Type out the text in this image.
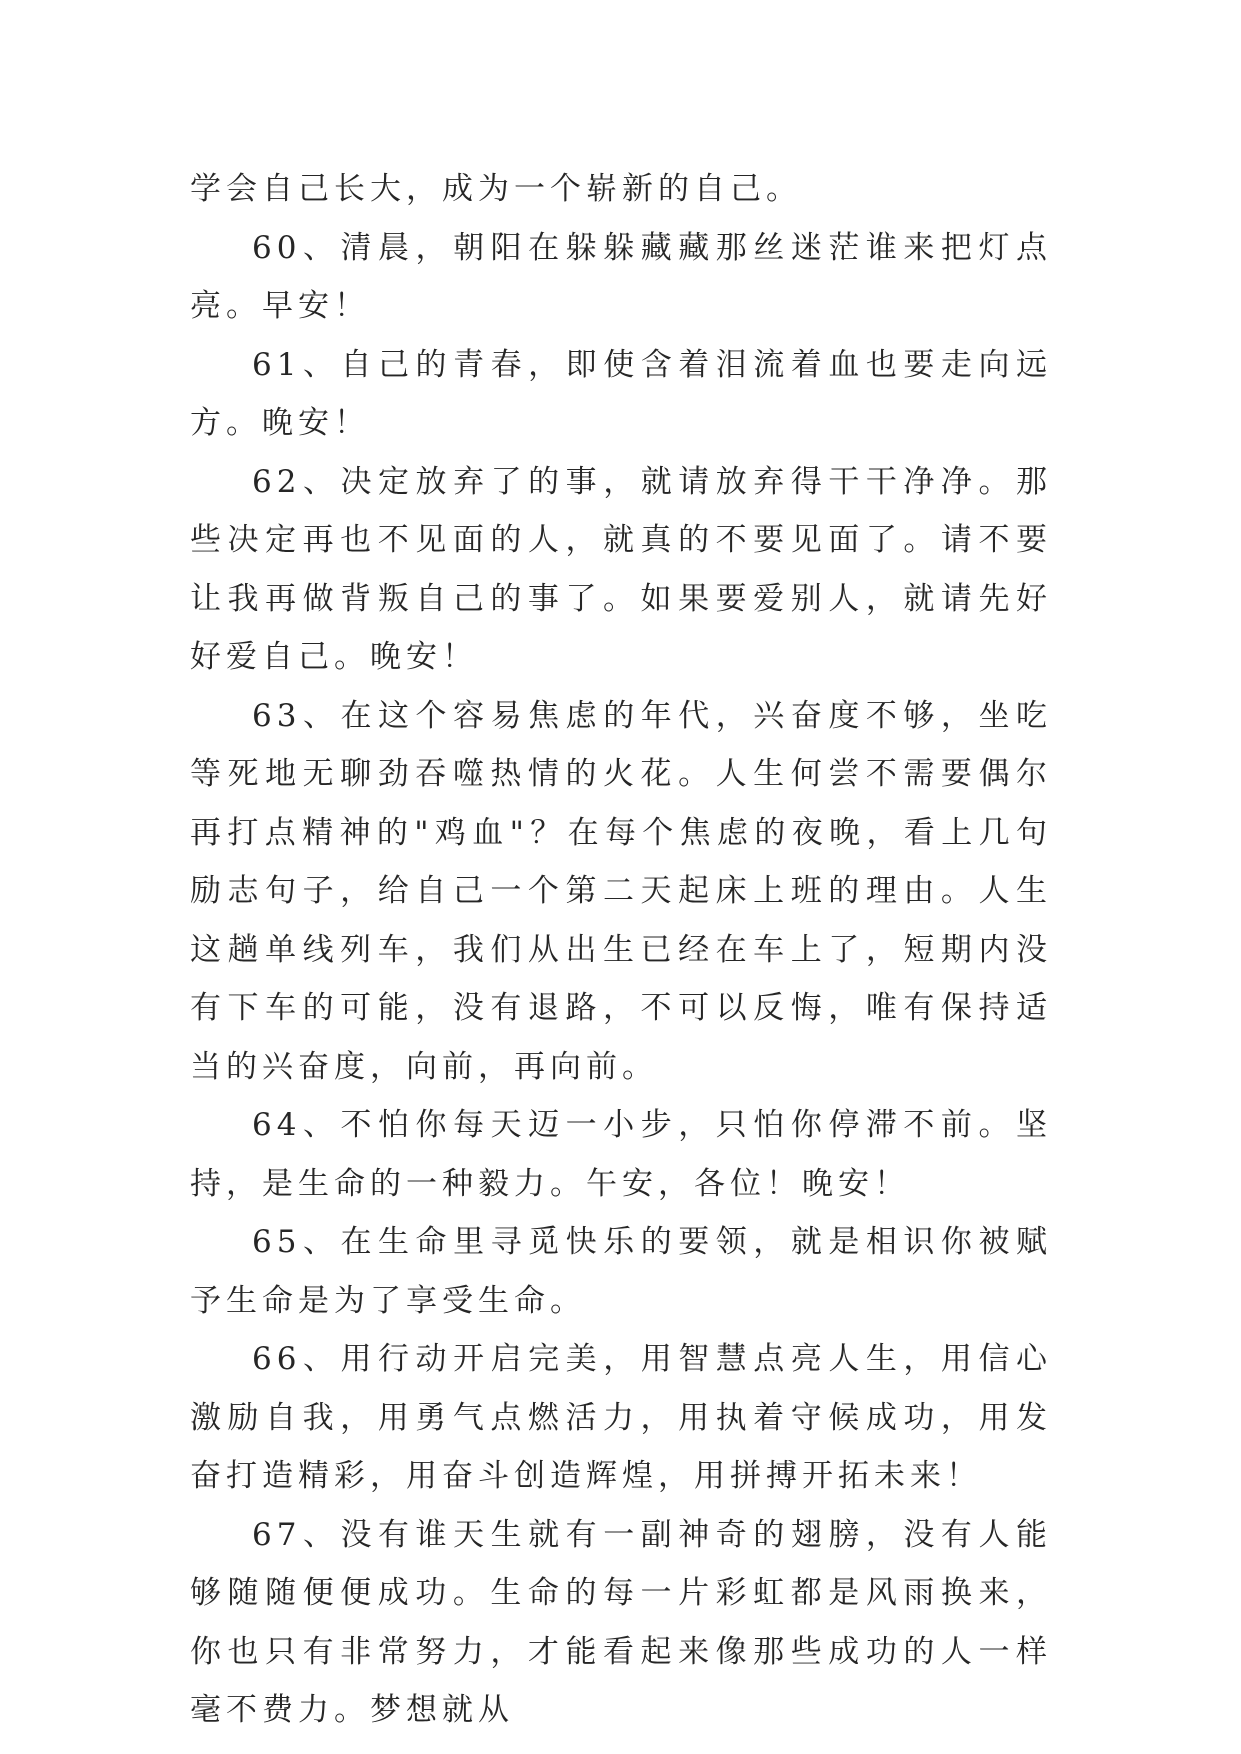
学会自己长大，成为一个崭新的自己。

60、清晨，朝阳在躲躲藏藏那丝迷茫谁来把灯点亮。早安！

61、自己的青春，即使含着泪流着血也要走向远方。晚安！

62、决定放弃了的事，就请放弃得干干净净。那些决定再也不见面的人，就真的不要见面了。请不要让我再做背叛自己的事了。如果要爱别人，就请先好好爱自己。晚安！

63、在这个容易焦虑的年代，兴奋度不够，坐吃等死地无聊劲吞噬热情的火花。人生何尝不需要偶尔再打点精神的"鸡血"？在每个焦虑的夜晚，看上几句励志句子，给自己一个第二天起床上班的理由。人生这趟单线列车，我们从出生已经在车上了，短期内没有下车的可能，没有退路，不可以反悔，唯有保持适当的兴奋度，向前，再向前。

64、不怕你每天迈一小步，只怕你停滞不前。坚持，是生命的一种毅力。午安，各位！晚安！

65、在生命里寻觅快乐的要领，就是相识你被赋予生命是为了享受生命。

66、用行动开启完美，用智慧点亮人生，用信心激励自我，用勇气点燃活力，用执着守候成功，用发奋打造精彩，用奋斗创造辉煌，用拼搏开拓未来！

67、没有谁天生就有一副神奇的翅膀，没有人能够随随便便成功。生命的每一片彩虹都是风雨换来，你也只有非常努力，才能看起来像那些成功的人一样毫不费力。梦想就从
